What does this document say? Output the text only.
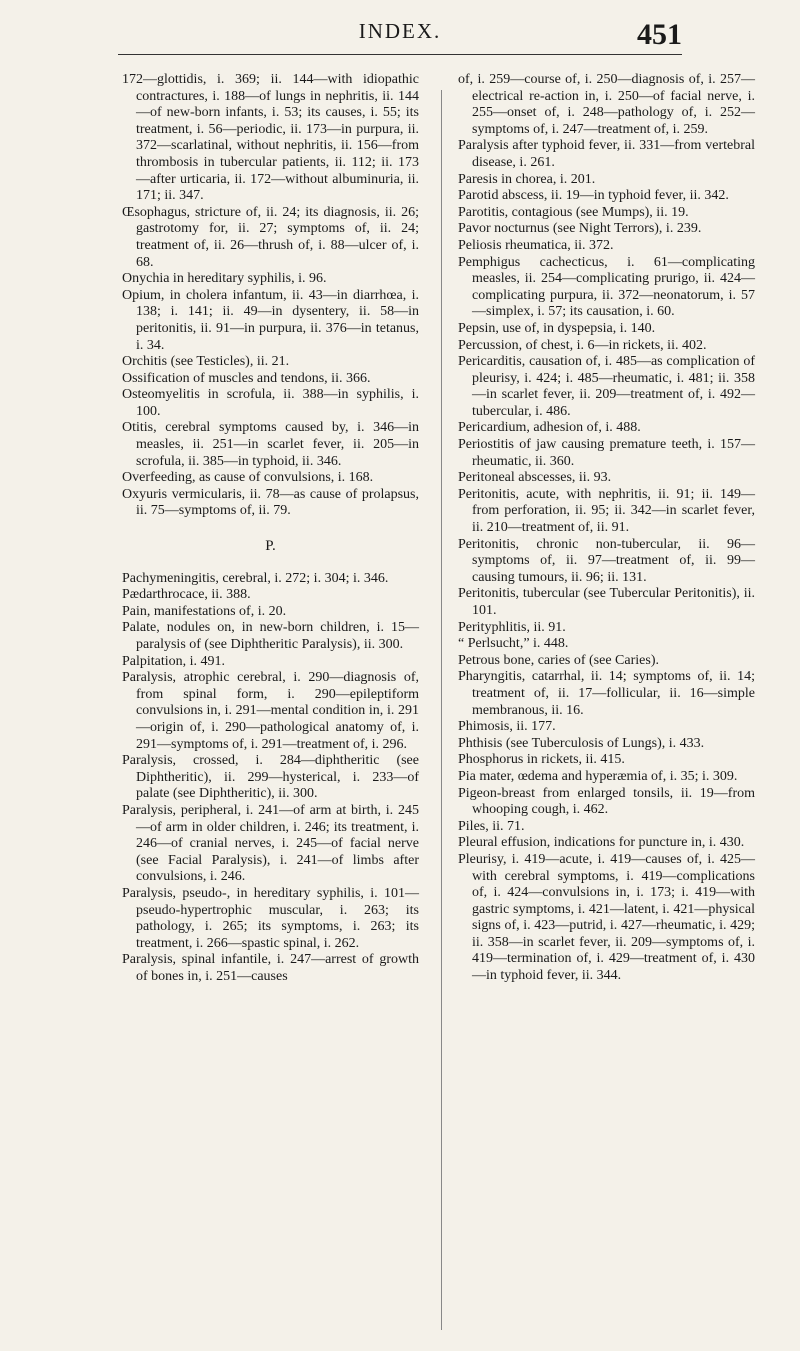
INDEX.	451

172—glottidis, i. 369; ii. 144—with idiopathic contractures, i. 188—of lungs in nephritis, ii. 144—of new-born infants, i. 53; its causes, i. 55; its treatment, i. 56—periodic, ii. 173—in purpura, ii. 372—scarlatinal, without nephritis, ii. 156—from thrombosis in tubercular patients, ii. 112; ii. 173—after urticaria, ii. 172—without albuminuria, ii. 171; ii. 347.

Œsophagus, stricture of, ii. 24; its diagnosis, ii. 26; gastrotomy for, ii. 27; symptoms of, ii. 24; treatment of, ii. 26—thrush of, i. 88—ulcer of, i. 68.

Onychia in hereditary syphilis, i. 96.

Opium, in cholera infantum, ii. 43—in diarrhœa, i. 138; i. 141; ii. 49—in dysentery, ii. 58—in peritonitis, ii. 91—in purpura, ii. 376—in tetanus, i. 34.

Orchitis (see Testicles), ii. 21.

Ossification of muscles and tendons, ii. 366.

Osteomyelitis in scrofula, ii. 388—in syphilis, i. 100.

Otitis, cerebral symptoms caused by, i. 346—in measles, ii. 251—in scarlet fever, ii. 205—in scrofula, ii. 385—in typhoid, ii. 346.

Overfeeding, as cause of convulsions, i. 168.

Oxyuris vermicularis, ii. 78—as cause of prolapsus, ii. 75—symptoms of, ii. 79.

P.

Pachymeningitis, cerebral, i. 272; i. 304; i. 346.

Pædarthrocace, ii. 388.

Pain, manifestations of, i. 20.

Palate, nodules on, in new-born children, i. 15—paralysis of (see Diphtheritic Paralysis), ii. 300.

Palpitation, i. 491.

Paralysis, atrophic cerebral, i. 290—diagnosis of, from spinal form, i. 290—epileptiform convulsions in, i. 291—mental condition in, i. 291—origin of, i. 290—pathological anatomy of, i. 291—symptoms of, i. 291—treatment of, i. 296.

Paralysis, crossed, i. 284—diphtheritic (see Diphtheritic), ii. 299—hysterical, i. 233—of palate (see Diphtheritic), ii. 300.

Paralysis, peripheral, i. 241—of arm at birth, i. 245—of arm in older children, i. 246; its treatment, i. 246—of cranial nerves, i. 245—of facial nerve (see Facial Paralysis), i. 241—of limbs after convulsions, i. 246.

Paralysis, pseudo-, in hereditary syphilis, i. 101—pseudo-hypertrophic muscular, i. 263; its pathology, i. 265; its symptoms, i. 263; its treatment, i. 266—spastic spinal, i. 262.

Paralysis, spinal infantile, i. 247—arrest of growth of bones in, i. 251—causes

of, i. 259—course of, i. 250—diagnosis of, i. 257—electrical re-action in, i. 250—of facial nerve, i. 255—onset of, i. 248—pathology of, i. 252—symptoms of, i. 247—treatment of, i. 259.

Paralysis after typhoid fever, ii. 331—from vertebral disease, i. 261.

Paresis in chorea, i. 201.

Parotid abscess, ii. 19—in typhoid fever, ii. 342.

Parotitis, contagious (see Mumps), ii. 19.

Pavor nocturnus (see Night Terrors), i. 239.

Peliosis rheumatica, ii. 372.

Pemphigus cachecticus, i. 61—complicating measles, ii. 254—complicating prurigo, ii. 424—complicating purpura, ii. 372—neonatorum, i. 57—simplex, i. 57; its causation, i. 60.

Pepsin, use of, in dyspepsia, i. 140.

Percussion, of chest, i. 6—in rickets, ii. 402.

Pericarditis, causation of, i. 485—as complication of pleurisy, i. 424; i. 485—rheumatic, i. 481; ii. 358—in scarlet fever, ii. 209—treatment of, i. 492—tubercular, i. 486.

Pericardium, adhesion of, i. 488.

Periostitis of jaw causing premature teeth, i. 157—rheumatic, ii. 360.

Peritoneal abscesses, ii. 93.

Peritonitis, acute, with nephritis, ii. 91; ii. 149—from perforation, ii. 95; ii. 342—in scarlet fever, ii. 210—treatment of, ii. 91.

Peritonitis, chronic non-tubercular, ii. 96—symptoms of, ii. 97—treatment of, ii. 99—causing tumours, ii. 96; ii. 131.

Peritonitis, tubercular (see Tubercular Peritonitis), ii. 101.

Perityphlitis, ii. 91.

“ Perlsucht,” i. 448.

Petrous bone, caries of (see Caries).

Pharyngitis, catarrhal, ii. 14; symptoms of, ii. 14; treatment of, ii. 17—follicular, ii. 16—simple membranous, ii. 16.

Phimosis, ii. 177.

Phthisis (see Tuberculosis of Lungs), i. 433.

Phosphorus in rickets, ii. 415.

Pia mater, œdema and hyperæmia of, i. 35; i. 309.

Pigeon-breast from enlarged tonsils, ii. 19—from whooping cough, i. 462.

Piles, ii. 71.

Pleural effusion, indications for puncture in, i. 430.

Pleurisy, i. 419—acute, i. 419—causes of, i. 425—with cerebral symptoms, i. 419—complications of, i. 424—convulsions in, i. 173; i. 419—with gastric symptoms, i. 421—latent, i. 421—physical signs of, i. 423—putrid, i. 427—rheumatic, i. 429; ii. 358—in scarlet fever, ii. 209—symptoms of, i. 419—termination of, i. 429—treatment of, i. 430—in typhoid fever, ii. 344.
